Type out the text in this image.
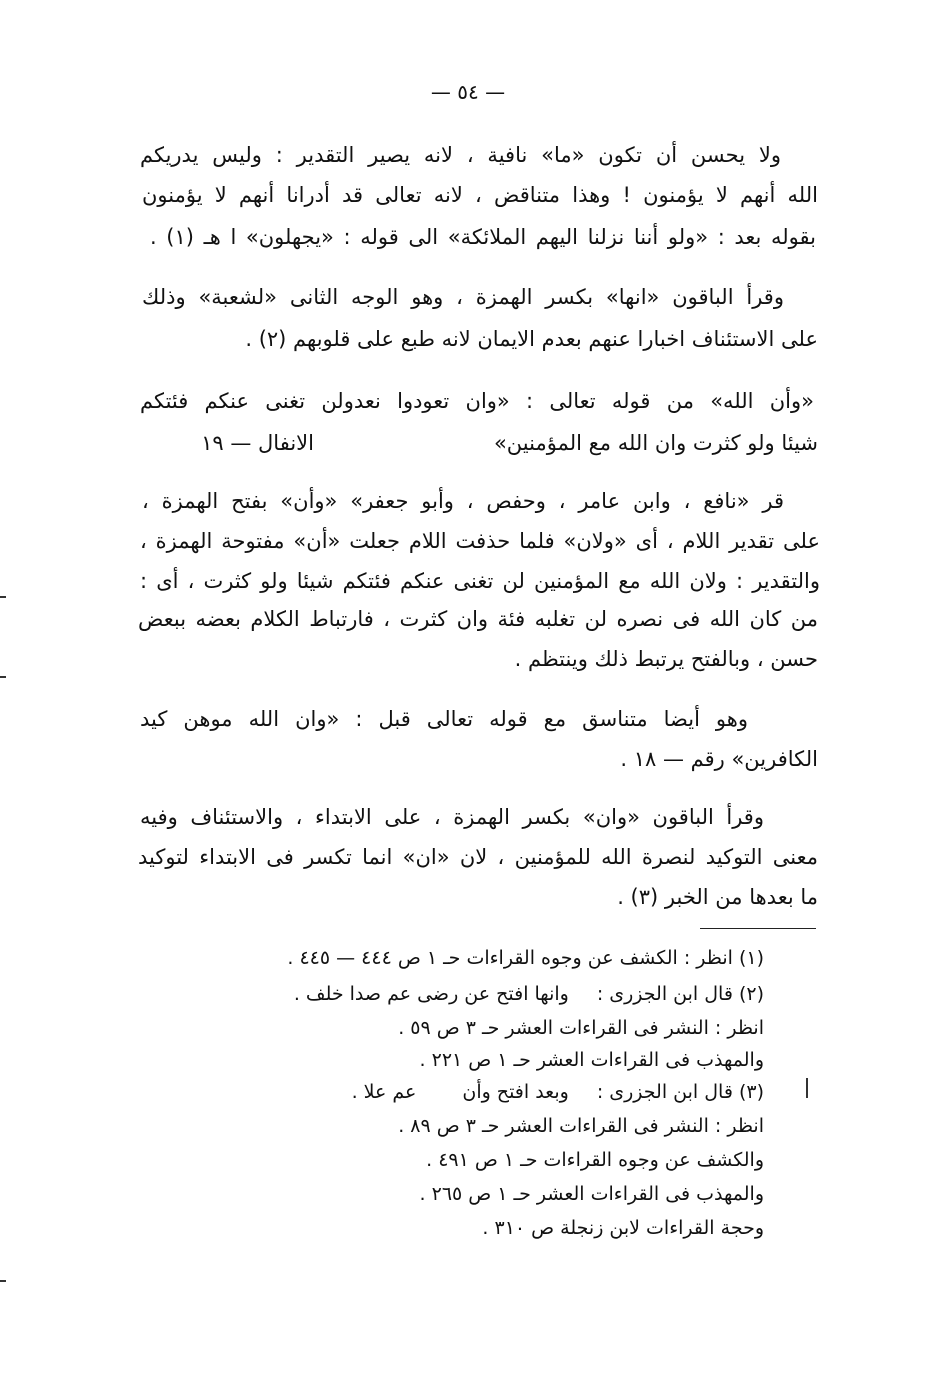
— ٥٤ —
ولا يحسن أن تكون «ما» نافية ، لانه يصير التقدير : وليس يدريكم
الله أنهم لا يؤمنون ! وهذا متناقض ، لانه تعالى قد أدرانا أنهم لا يؤمنون
بقوله بعد : «ولو أننا نزلنا اليهم الملائكة» الى قوله : «يجهلون» ا هـ (١) .
وقرأ الباقون «انها» بكسر الهمزة ، وهو الوجه الثانى «لشعبة» وذلك
على الاستئناف اخبارا عنهم بعدم الايمان لانه طبع على قلوبهم (٢) .
«وأن الله» من قوله تعالى : «وان تعودوا نعدولن تغنى عنكم فئتكم
شيئا ولو كثرت وان الله مع المؤمنين»
الانفال — ١٩
قر «نافع ، وابن عامر ، وحفص ، وأبو جعفر» «وأن» بفتح الهمزة ،
على تقدير اللام ، أى «ولان» فلما حذفت اللام جعلت «أن» مفتوحة الهمزة ،
والتقدير : ولان الله مع المؤمنين لن تغنى عنكم فئتكم شيئا ولو كثرت ، أى :
من كان الله فى نصره لن تغلبه فئة وان كثرت ، فارتباط الكلام بعضه ببعض
حسن ، وبالفتح يرتبط ذلك وينتظم .
وهو أيضا متناسق مع قوله تعالى قبل : «وان الله موهن كيد
الكافرين» رقم — ١٨ .
وقرأ الباقون «وان» بكسر الهمزة ، على الابتداء ، والاستئناف وفيه
معنى التوكيد لنصرة الله للمؤمنين ، لان «ان» انما تكسر فى الابتداء لتوكيد
ما بعدها من الخبر (٣) .
(١) انظر : الكشف عن وجوه القراءات حـ ١ ص ٤٤٤ — ٤٤٥ .
(٢) قال ابن الجزرى :وانها افتح عن رضى عم صدا خلف .
انظر : النشر فى القراءات العشر حـ ٣ ص ٥٩ .
والمهذب فى القراءات العشر حـ ١ ص ٢٢١ .
(٣) قال ابن الجزرى :وبعد افتح وأنعم علا .
انظر : النشر فى القراءات العشر حـ ٣ ص ٨٩ .
والكشف عن وجوه القراءات حـ ١ ص ٤٩١ .
والمهذب فى القراءات العشر حـ ١ ص ٢٦٥ .
وحجة القراءات لابن زنجلة ص ٣١٠ .
